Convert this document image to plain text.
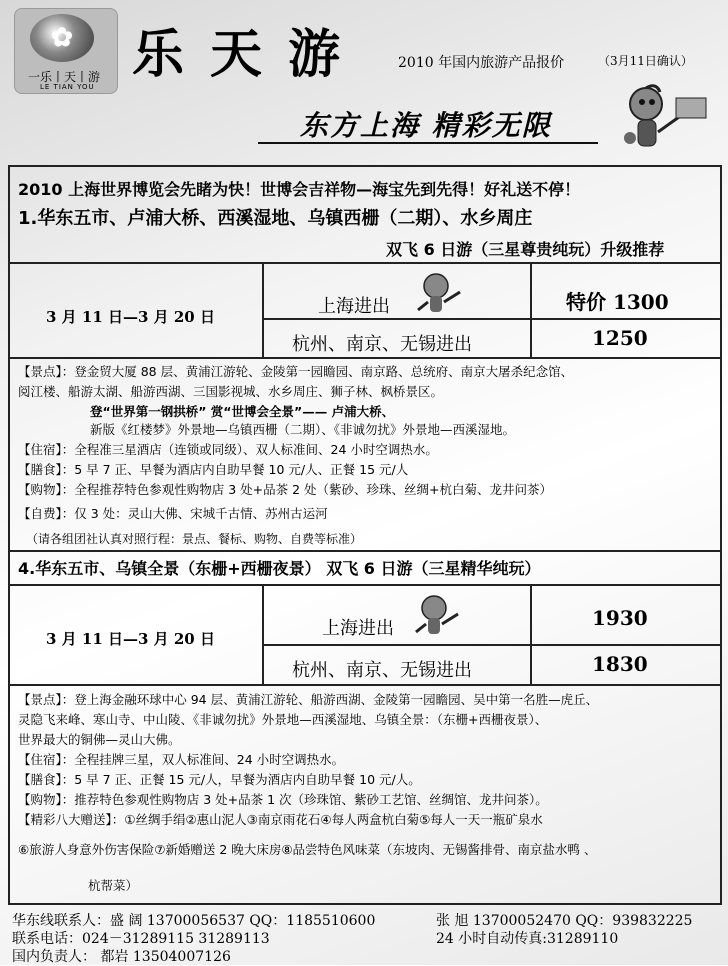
✿
一乐丨天丨游
LE TIAN YOU
乐天游 2010 年国内旅游产品报价	（3月11日确认）
东方上海 精彩无限
2010 上海世界博览会先睹为快！世博会吉祥物—海宝先到先得！好礼送不停！
1.华东五市、卢浦大桥、西溪湿地、乌镇西栅（二期）、水乡周庄
双飞 6 日游（三星尊贵纯玩）升级推荐
3 月 11 日—3 月 20 日	上海进出	特价 1300
杭州、南京、无锡进出	1250
【景点】：登金贸大厦 88 层、黄浦江游轮、金陵第一园瞻园、南京路、总统府、南京大屠杀纪念馆、
阅江楼、船游太湖、船游西湖、三国影视城、水乡周庄、狮子林、枫桥景区。
登“世界第一钢拱桥” 赏“世博会全景”—— 卢浦大桥、
新版《红楼梦》外景地—乌镇西栅（二期）、《非诚勿扰》外景地—西溪湿地。
【住宿】：全程准三星酒店（连锁或同级）、双人标准间、24 小时空调热水。
【膳食】：5 早 7 正、早餐为酒店内自助早餐 10 元/人、正餐 15 元/人
【购物】：全程推荐特色参观性购物店 3 处+品茶 2 处（紫砂、珍珠、丝绸+杭白菊、龙井问茶）
【自费】：仅 3 处：灵山大佛、宋城千古情、苏州古运河
（请各组团社认真对照行程：景点、餐标、购物、自费等标准）
4.华东五市、乌镇全景（东栅+西栅夜景） 双飞 6 日游（三星精华纯玩）
3 月 11 日—3 月 20 日	上海进出	1930
杭州、南京、无锡进出	1830
【景点】：登上海金融环球中心 94 层、黄浦江游轮、船游西湖、金陵第一园瞻园、吴中第一名胜—虎丘、
灵隐飞来峰、寒山寺、中山陵、《非诚勿扰》外景地—西溪湿地、乌镇全景：（东栅+西栅夜景）、
世界最大的铜佛—灵山大佛。
【住宿】：全程挂牌三星，双人标准间、24 小时空调热水。
【膳食】：5 早 7 正、正餐 15 元/人，早餐为酒店内自助早餐 10 元/人。
【购物】：推荐特色参观性购物店 3 处+品茶 1 次（珍珠馆、紫砂工艺馆、丝绸馆、龙井问茶）。
【精彩八大赠送】：①丝绸手绢②惠山泥人③南京雨花石④每人两盒杭白菊⑤每人一天一瓶矿泉水
⑥旅游人身意外伤害保险⑦新婚赠送 2 晚大床房⑧品尝特色风味菜（东坡肉、无锡酱排骨、南京盐水鸭 、
杭帮菜）
华东线联系人：盛 阔 13700056537 QQ：1185510600	张 旭 13700052470 QQ：939832225
联系电话：024－31289115 31289113	24 小时自动传真:31289110
国内负责人： 都岩 13504007126
